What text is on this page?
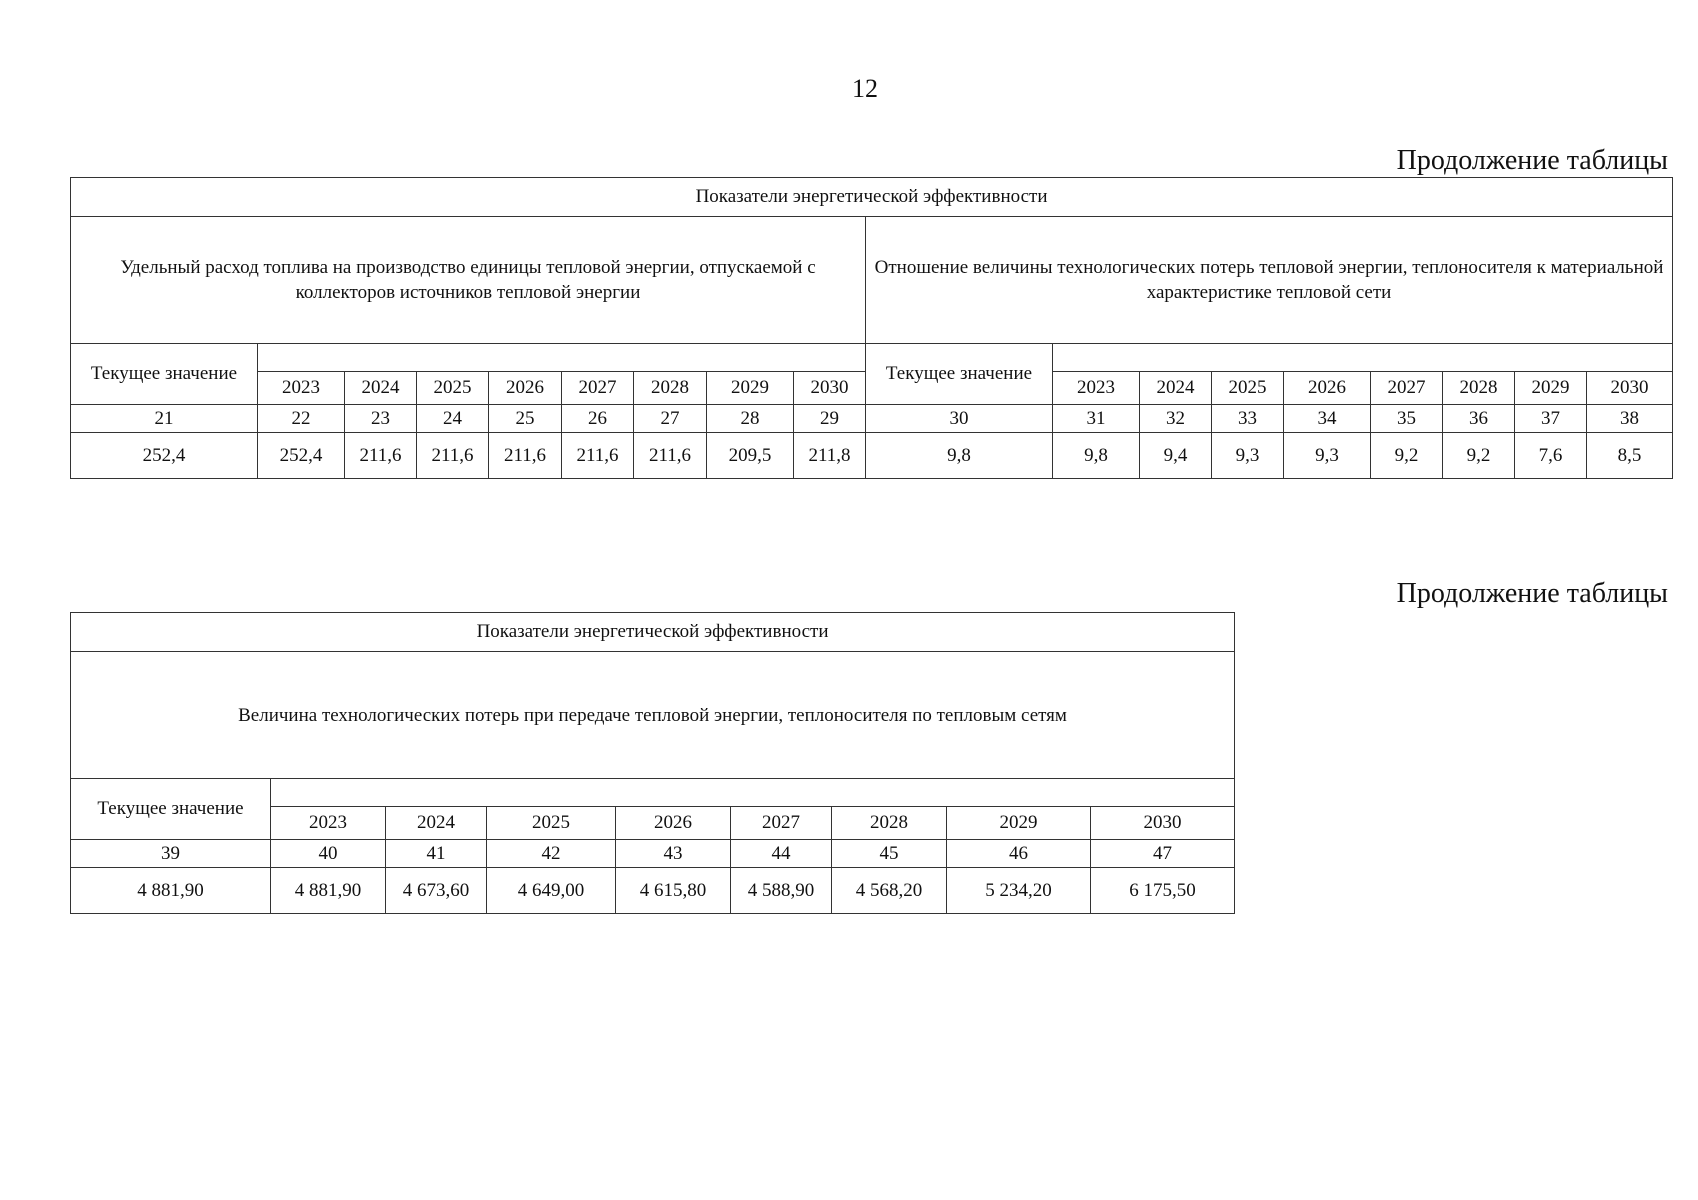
12
Продолжение таблицы
Показатели энергетической эффективности																	
Удельный расход топлива на производство единицы тепловой энергии, отпускаемой с коллекторов источников тепловой энергии									Отношение величины технологических потерь тепловой энергии, теплоносителя к материальной характеристике тепловой сети								
Текущее значение									Текущее значение								
	2023	2024	2025	2026	2027	2028	2029	2030		2023	2024	2025	2026	2027	2028	2029	2030
21	22	23	24	25	26	27	28	29	30	31	32	33	34	35	36	37	38
252,4	252,4	211,6	211,6	211,6	211,6	211,6	209,5	211,8	9,8	9,8	9,4	9,3	9,3	9,2	9,2	7,6	8,5
Продолжение таблицы
Показатели энергетической эффективности								
Величина технологических потерь при передаче тепловой энергии, теплоносителя по тепловым сетям								
Текущее значение								
	2023	2024	2025	2026	2027	2028	2029	2030
39	40	41	42	43	44	45	46	47
4 881,90	4 881,90	4 673,60	4 649,00	4 615,80	4 588,90	4 568,20	5 234,20	6 175,50
